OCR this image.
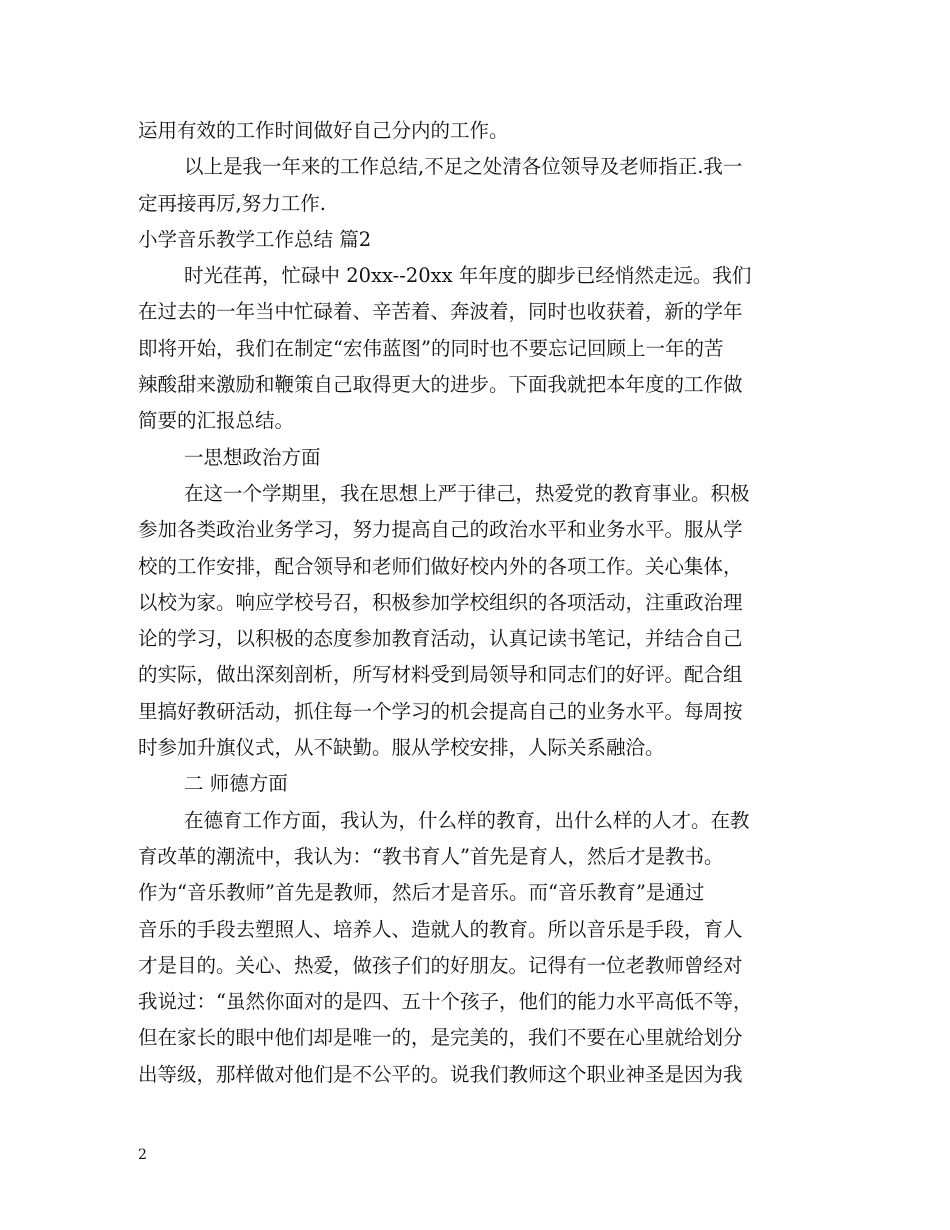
运用有效的工作时间做好自己分内的工作。
以上是我一年来的工作总结,不足之处清各位领导及老师指正.我一
定再接再厉,努力工作.
小学音乐教学工作总结 篇2
时光荏苒，忙碌中 20xx--20xx 年年度的脚步已经悄然走远。我们
在过去的一年当中忙碌着、辛苦着、奔波着，同时也收获着，新的学年
即将开始，我们在制定“宏伟蓝图”的同时也不要忘记回顾上一年的苦
辣酸甜来激励和鞭策自己取得更大的进步。下面我就把本年度的工作做
简要的汇报总结。
一思想政治方面
在这一个学期里，我在思想上严于律己，热爱党的教育事业。积极
参加各类政治业务学习，努力提高自己的政治水平和业务水平。服从学
校的工作安排，配合领导和老师们做好校内外的各项工作。关心集体，
以校为家。响应学校号召，积极参加学校组织的各项活动，注重政治理
论的学习，以积极的态度参加教育活动，认真记读书笔记，并结合自己
的实际，做出深刻剖析，所写材料受到局领导和同志们的好评。配合组
里搞好教研活动，抓住每一个学习的机会提高自己的业务水平。每周按
时参加升旗仪式，从不缺勤。服从学校安排，人际关系融洽。
二 师德方面
在德育工作方面，我认为，什么样的教育，出什么样的人才。在教
育改革的潮流中，我认为：“教书育人”首先是育人，然后才是教书。
作为“音乐教师”首先是教师，然后才是音乐。而“音乐教育”是通过
音乐的手段去塑照人、培养人、造就人的教育。所以音乐是手段，育人
才是目的。关心、热爱，做孩子们的好朋友。记得有一位老教师曾经对
我说过：“虽然你面对的是四、五十个孩子，他们的能力水平高低不等，
但在家长的眼中他们却是唯一的，是完美的，我们不要在心里就给划分
出等级，那样做对他们是不公平的。说我们教师这个职业神圣是因为我
2
